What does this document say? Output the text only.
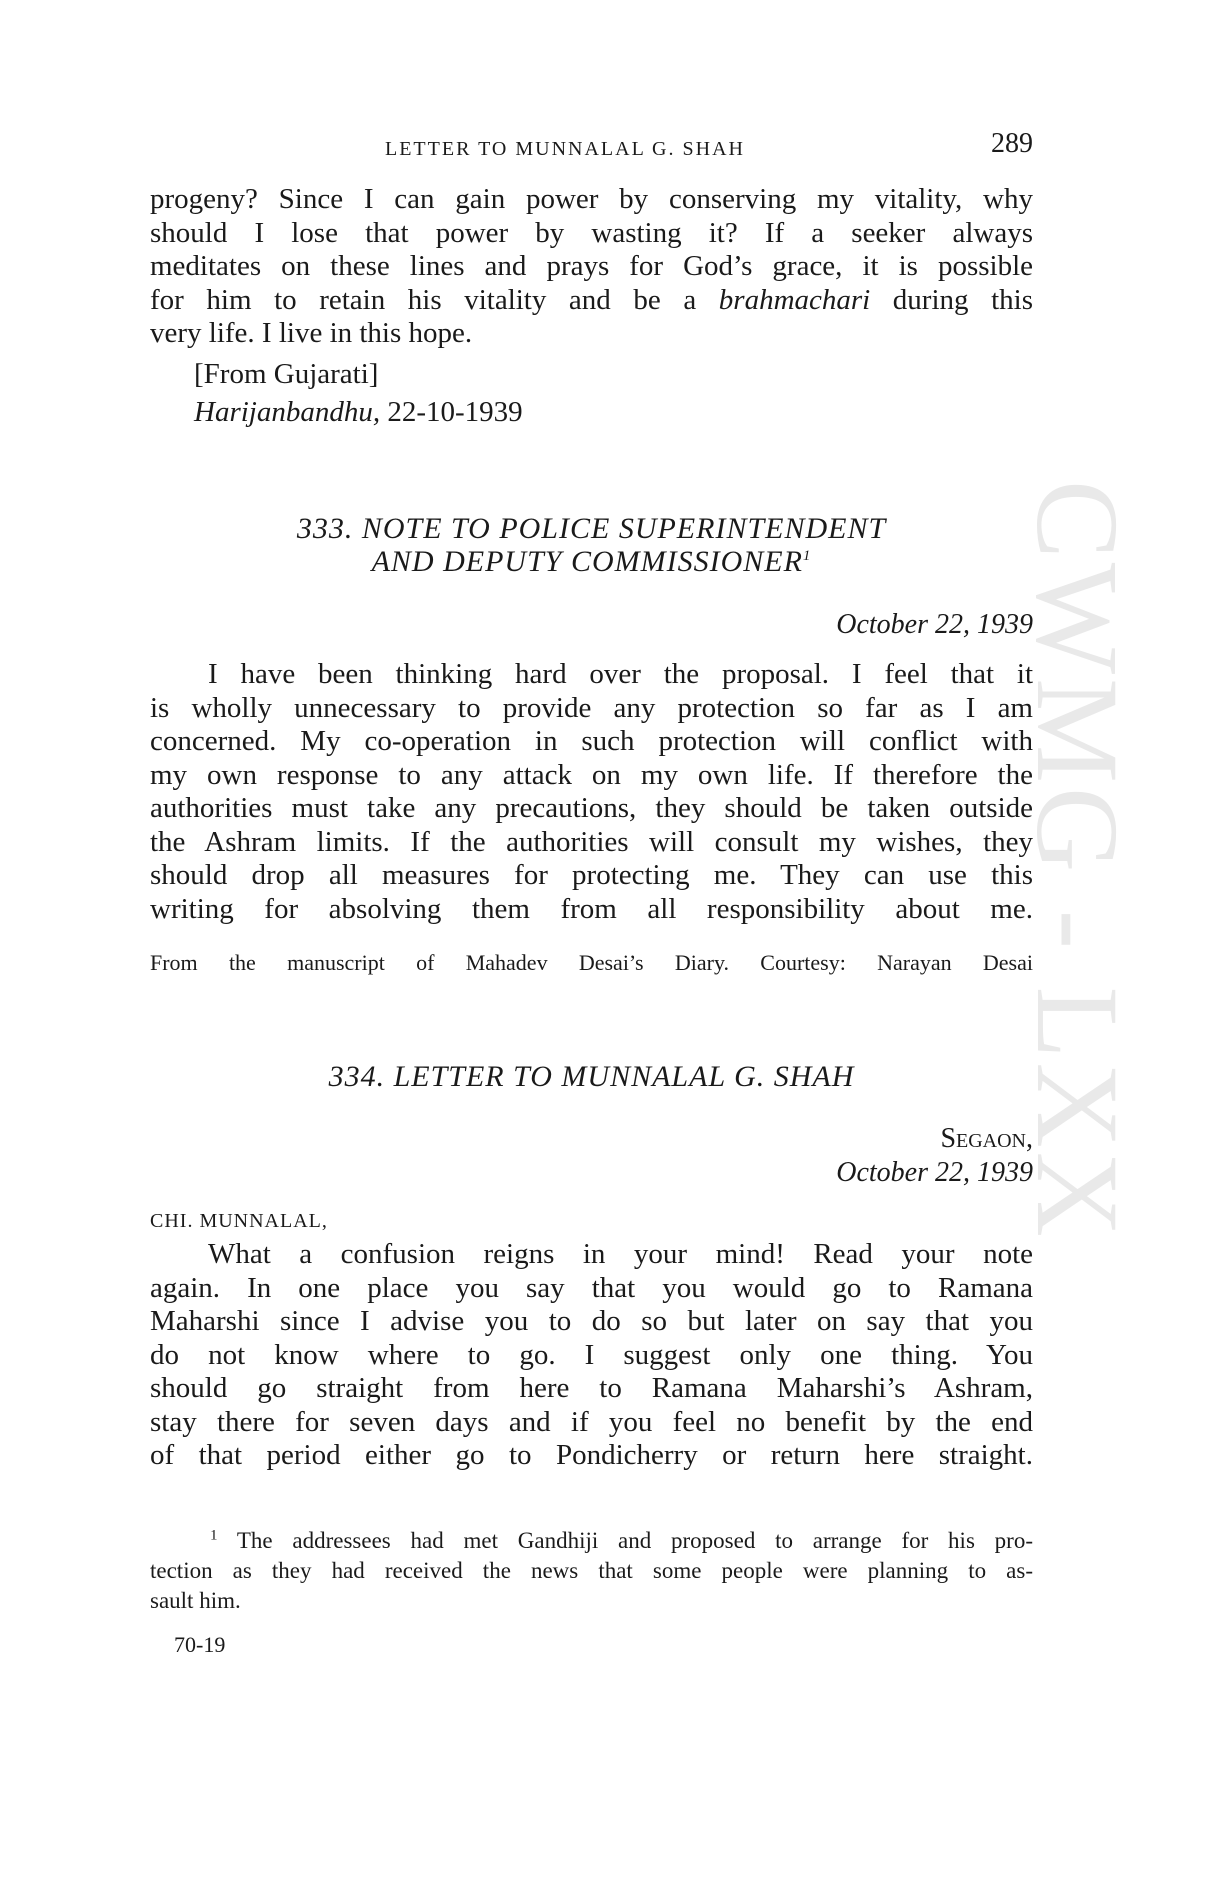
CWMG - LXX
LETTER TO MUNNALAL G. SHAH	289
progeny? Since I can gain power by conserving my vitality, why
should I lose that power by wasting it? If a seeker always
meditates on these lines and prays for God’s grace, it is possible
for him to retain his vitality and be a brahmachari during this
very life. I live in this hope.
[From Gujarati]
Harijanbandhu, 22-10-1939
333. NOTE TO POLICE SUPERINTENDENT
AND DEPUTY COMMISSIONER$^1$
October 22, 1939
I have been thinking hard over the proposal. I feel that it
is wholly unnecessary to provide any protection so far as I am
concerned. My co-operation in such protection will conflict with
my own response to any attack on my own life. If therefore the
authorities must take any precautions, they should be taken outside
the Ashram limits. If the authorities will consult my wishes, they
should drop all measures for protecting me. They can use this
writing for absolving them from all responsibility about me.
From the manuscript of Mahadev Desai’s Diary. Courtesy: Narayan Desai
334. LETTER TO MUNNALAL G. SHAH
Segaon,
October 22, 1939
CHI. MUNNALAL,
What a confusion reigns in your mind! Read your note
again. In one place you say that you would go to Ramana
Maharshi since I advise you to do so but later on say that you
do not know where to go. I suggest only one thing. You
should go straight from here to Ramana Maharshi’s Ashram,
stay there for seven days and if you feel no benefit by the end
of that period either go to Pondicherry or return here straight.
$^1$ The addressees had met Gandhiji and proposed to arrange for his pro-
tection as they had received the news that some people were planning to as-
sault him.
70-19
